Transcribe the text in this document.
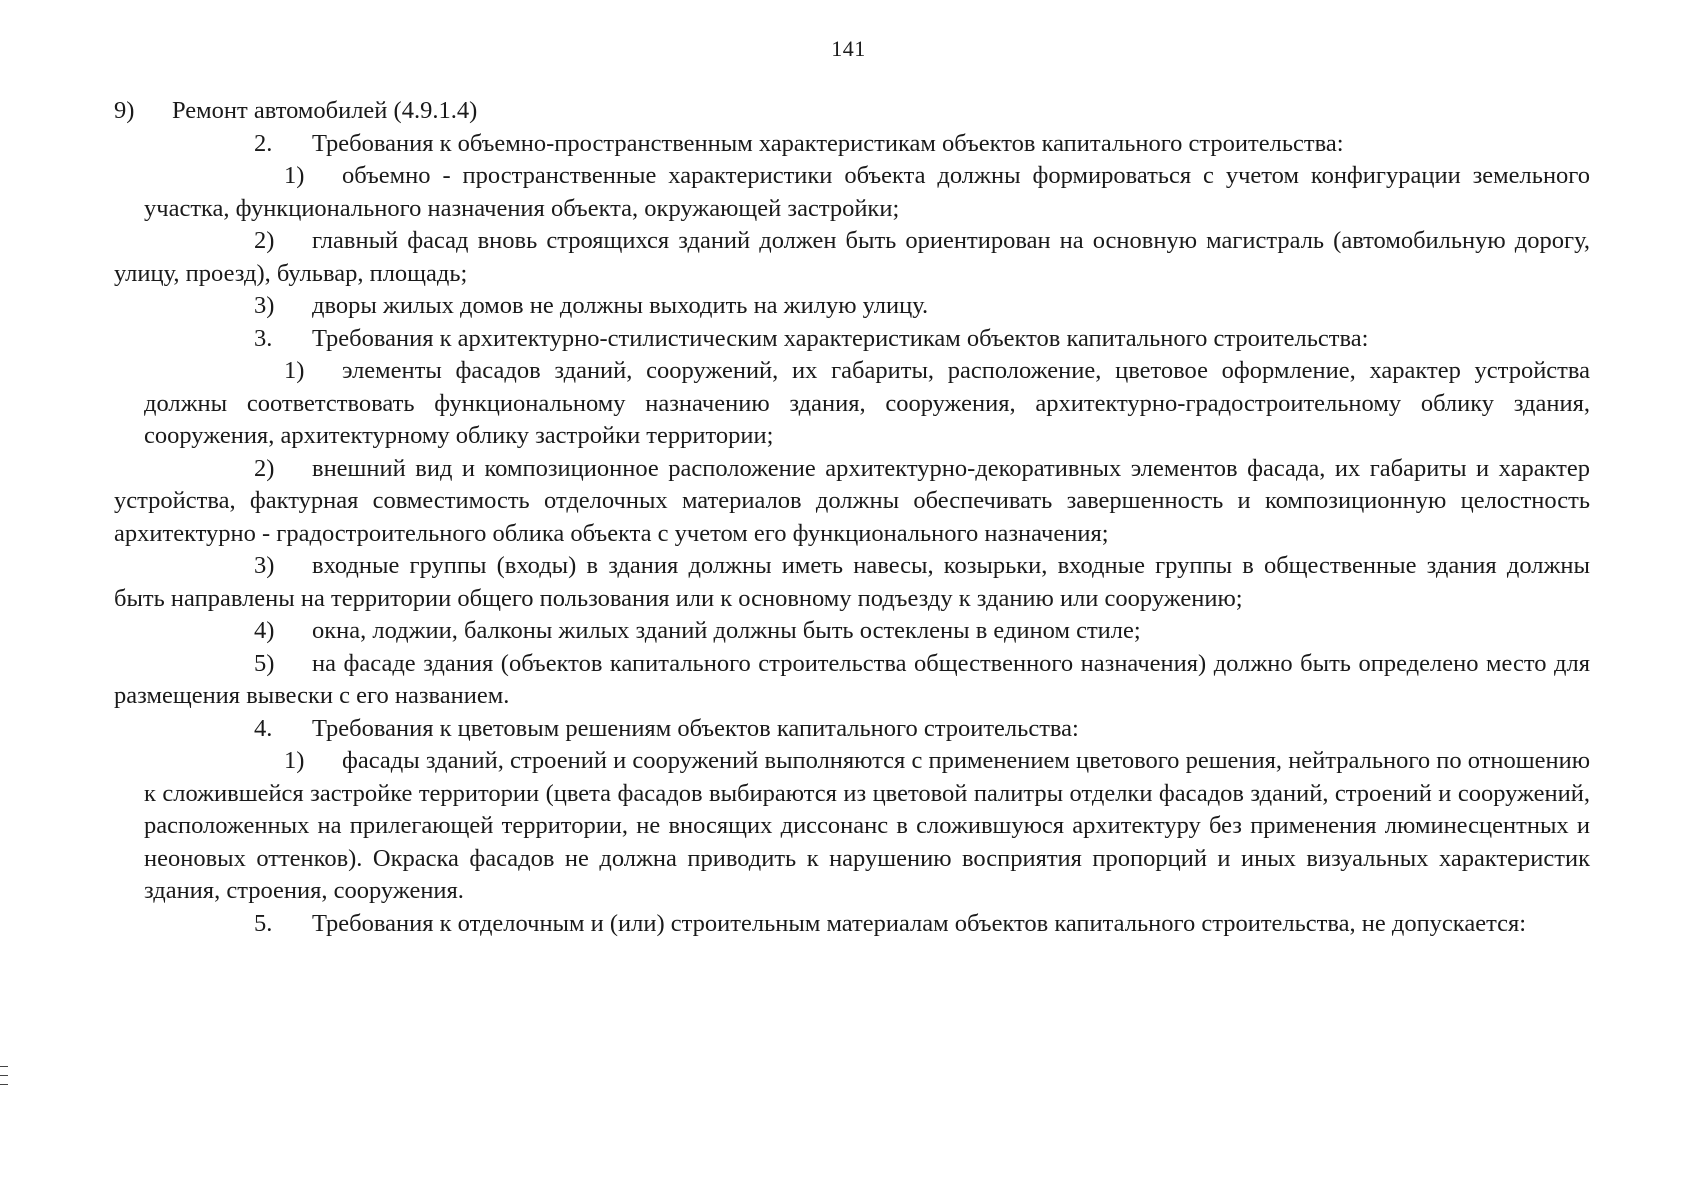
141

9) Ремонт автомобилей (4.9.1.4)

2. Требования к объемно-пространственным характеристикам объектов капитального строительства:

1) объемно - пространственные характеристики объекта должны формироваться с учетом конфигурации земельного участка, функционального назначения объекта, окружающей застройки;

2) главный фасад вновь строящихся зданий должен быть ориентирован на основную магистраль (автомобильную дорогу, улицу, проезд), бульвар, площадь;

3) дворы жилых домов не должны выходить на жилую улицу.

3. Требования к архитектурно-стилистическим характеристикам объектов капитального строительства:

1) элементы фасадов зданий, сооружений, их габариты, расположение, цветовое оформление, характер устройства должны соответствовать функциональному назначению здания, сооружения, архитектурно-градостроительному облику здания, сооружения, архитектурному облику застройки территории;

2) внешний вид и композиционное расположение архитектурно-декоративных элементов фасада, их габариты и характер устройства, фактурная совместимость отделочных материалов должны обеспечивать завершенность и композиционную целостность архитектурно - градостроительного облика объекта с учетом его функционального назначения;

3) входные группы (входы) в здания должны иметь навесы, козырьки, входные группы в общественные здания должны быть направлены на территории общего пользования или к основному подъезду к зданию или сооружению;

4) окна, лоджии, балконы жилых зданий должны быть остеклены в едином стиле;

5) на фасаде здания (объектов капитального строительства общественного назначения) должно быть определено место для размещения вывески с его названием.

4. Требования к цветовым решениям объектов капитального строительства:

1) фасады зданий, строений и сооружений выполняются с применением цветового решения, нейтрального по отношению к сложившейся застройке территории (цвета фасадов выбираются из цветовой палитры отделки фасадов зданий, строений и сооружений, расположенных на прилегающей территории, не вносящих диссонанс в сложившуюся архитектуру без применения люминесцентных и неоновых оттенков). Окраска фасадов не должна приводить к нарушению восприятия пропорций и иных визуальных характеристик здания, строения, сооружения.

5. Требования к отделочным и (или) строительным материалам объектов капитального строительства, не допускается:
